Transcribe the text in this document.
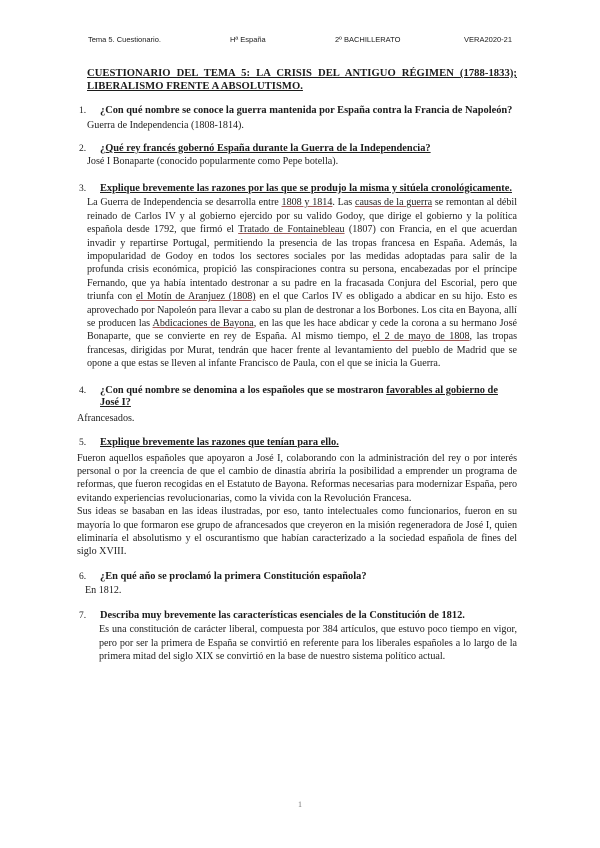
Tema 5. Cuestionario.	Hª España	2º BACHILLERATO	VERA2020-21
CUESTIONARIO DEL TEMA 5: LA CRISIS DEL ANTIGUO RÉGIMEN (1788-1833); LIBERALISMO FRENTE A ABSOLUTISMO.
1. ¿Con qué nombre se conoce la guerra mantenida por España contra la Francia de Napoleón?
Guerra de Independencia (1808-1814).
2. ¿Qué rey francés gobernó España durante la Guerra de la Independencia?
José I Bonaparte (conocido popularmente como Pepe botella).
3. Explique brevemente las razones por las que se produjo la misma y sitúela cronológicamente.
La Guerra de Independencia se desarrolla entre 1808 y 1814. Las causas de la guerra se remontan al débil reinado de Carlos IV y al gobierno ejercido por su valido Godoy, que dirige el gobierno y la política española desde 1792, que firmó el Tratado de Fontainebleau (1807) con Francia, en el que acuerdan invadir y repartirse Portugal, permitiendo la presencia de las tropas francesa en España. Además, la impopularidad de Godoy en todos los sectores sociales por las medidas adoptadas para salir de la profunda crisis económica, propició las conspiraciones contra su persona, encabezadas por el príncipe Fernando, que ya había intentado destronar a su padre en la fracasada Conjura del Escorial, pero que triunfa con el Motín de Aranjuez (1808) en el que Carlos IV es obligado a abdicar en su hijo. Esto es aprovechado por Napoleón para llevar a cabo su plan de destronar a los Borbones. Los cita en Bayona, allí se producen las Abdicaciones de Bayona, en las que les hace abdicar y cede la corona a su hermano José Bonaparte, que se convierte en rey de España. Al mismo tiempo, el 2 de mayo de 1808, las tropas francesas, dirigidas por Murat, tendrán que hacer frente al levantamiento del pueblo de Madrid que se opone a que estas se lleven al infante Francisco de Paula, con el que se inicia la Guerra.
4. ¿Con qué nombre se denomina a los españoles que se mostraron favorables al gobierno de José I?
Afrancesados.
5. Explique brevemente las razones que tenían para ello.

Fueron aquellos españoles que apoyaron a José I, colaborando con la administración del rey o por interés personal o por la creencia de que el cambio de dinastía abriría la posibilidad a emprender un programa de reformas, que fueron recogidas en el Estatuto de Bayona. Reformas necesarias para modernizar España, pero evitando experiencias revolucionarias, como la vivida con la Revolución Francesa.

Sus ideas se basaban en las ideas ilustradas, por eso, tanto intelectuales como funcionarios, fueron en su mayoría lo que formaron ese grupo de afrancesados que creyeron en la misión regeneradora de José I, quien eliminaría el absolutismo y el oscurantismo que habían caracterizado a la sociedad española de fines del siglo XVIII.

6. ¿En qué año se proclamó la primera Constitución española?
En 1812.
7. Describa muy brevemente las características esenciales de la Constitución de 1812.
Es una constitución de carácter liberal, compuesta por 384 artículos, que estuvo poco tiempo en vigor, pero por ser la primera de España se convirtió en referente para los liberales españoles a lo largo de la primera mitad del siglo XIX se convirtió en la base de nuestro sistema político actual.
1
